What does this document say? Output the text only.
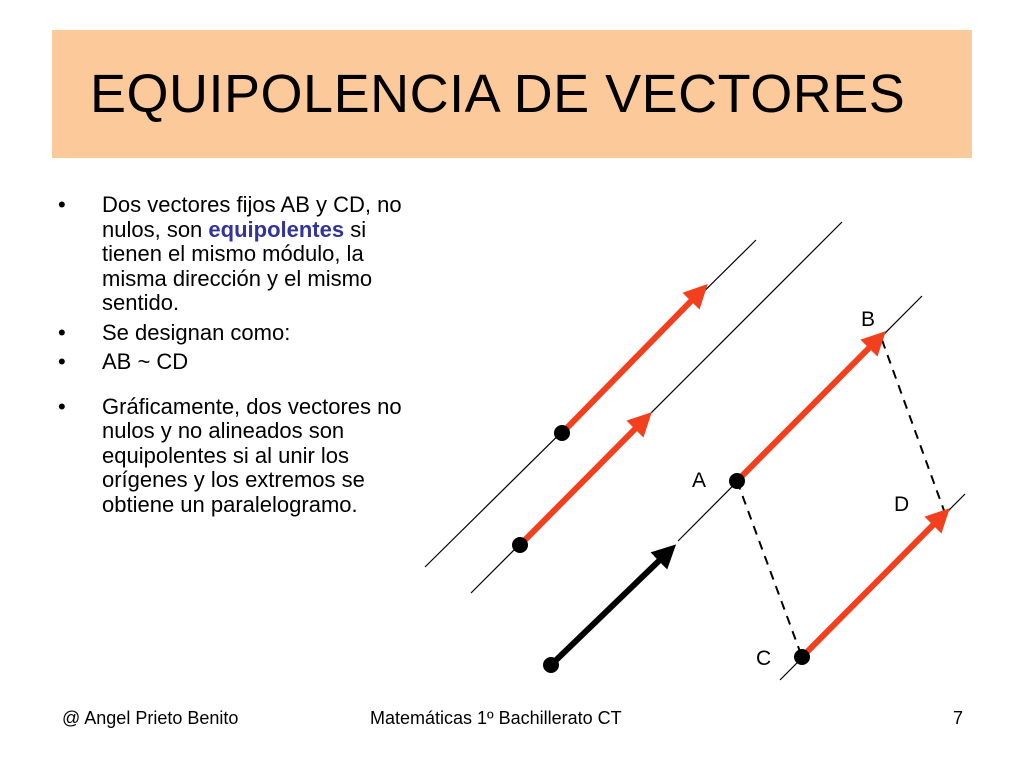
EQUIPOLENCIA DE VECTORES
• Dos vectores fijos AB y CD, no nulos, son equipolentes si tienen el mismo módulo, la misma dirección y el mismo sentido.
• Se designan como:
• AB ~ CD
• Gráficamente, dos vectores no nulos y no alineados son equipolentes si al unir los orígenes y los extremos se obtiene un paralelogramo.
A
B
C
D
@ Angel Prieto Benito	Matemáticas 1º Bachillerato CT	7
